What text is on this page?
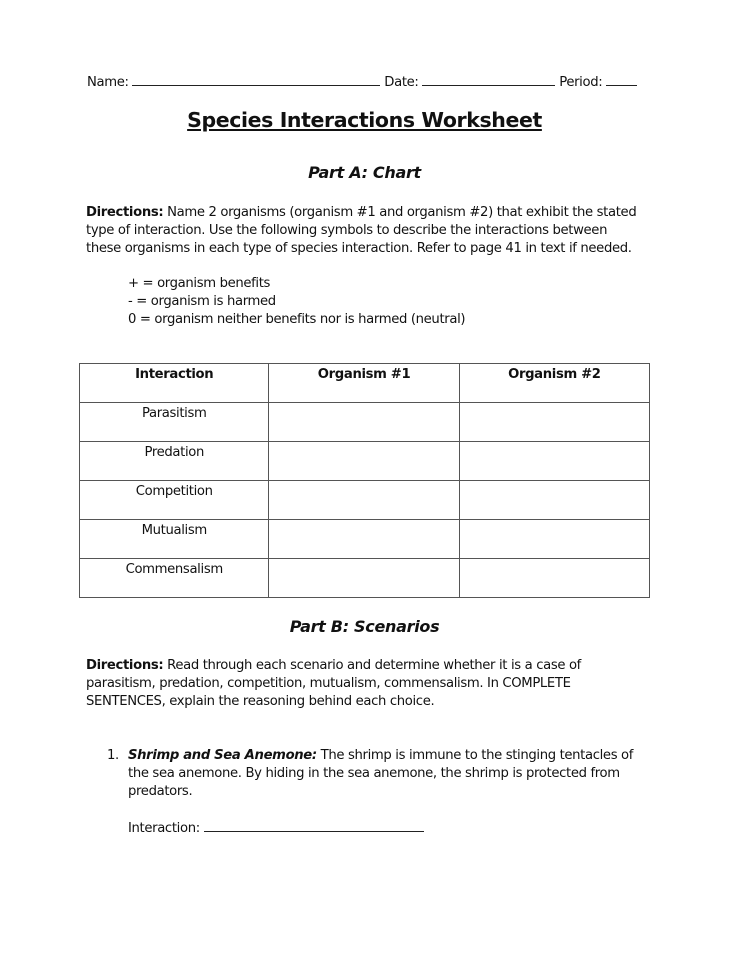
Name:	Date:	Period:
Species Interactions Worksheet
Part A: Chart
Directions: Name 2 organisms (organism #1 and organism #2) that exhibit the stated
type of interaction. Use the following symbols to describe the interactions between
these organisms in each type of species interaction. Refer to page 41 in text if needed.
+ = organism benefits
- = organism is harmed
0 = organism neither benefits nor is harmed (neutral)
Interaction	Organism #1	Organism #2
Parasitism		
Predation		
Competition		
Mutualism		
Commensalism		
Part B: Scenarios
Directions: Read through each scenario and determine whether it is a case of
parasitism, predation, competition, mutualism, commensalism. In COMPLETE
SENTENCES, explain the reasoning behind each choice.
1. Shrimp and Sea Anemone: The shrimp is immune to the stinging tentacles of
the sea anemone. By hiding in the sea anemone, the shrimp is protected from
predators.
Interaction:
